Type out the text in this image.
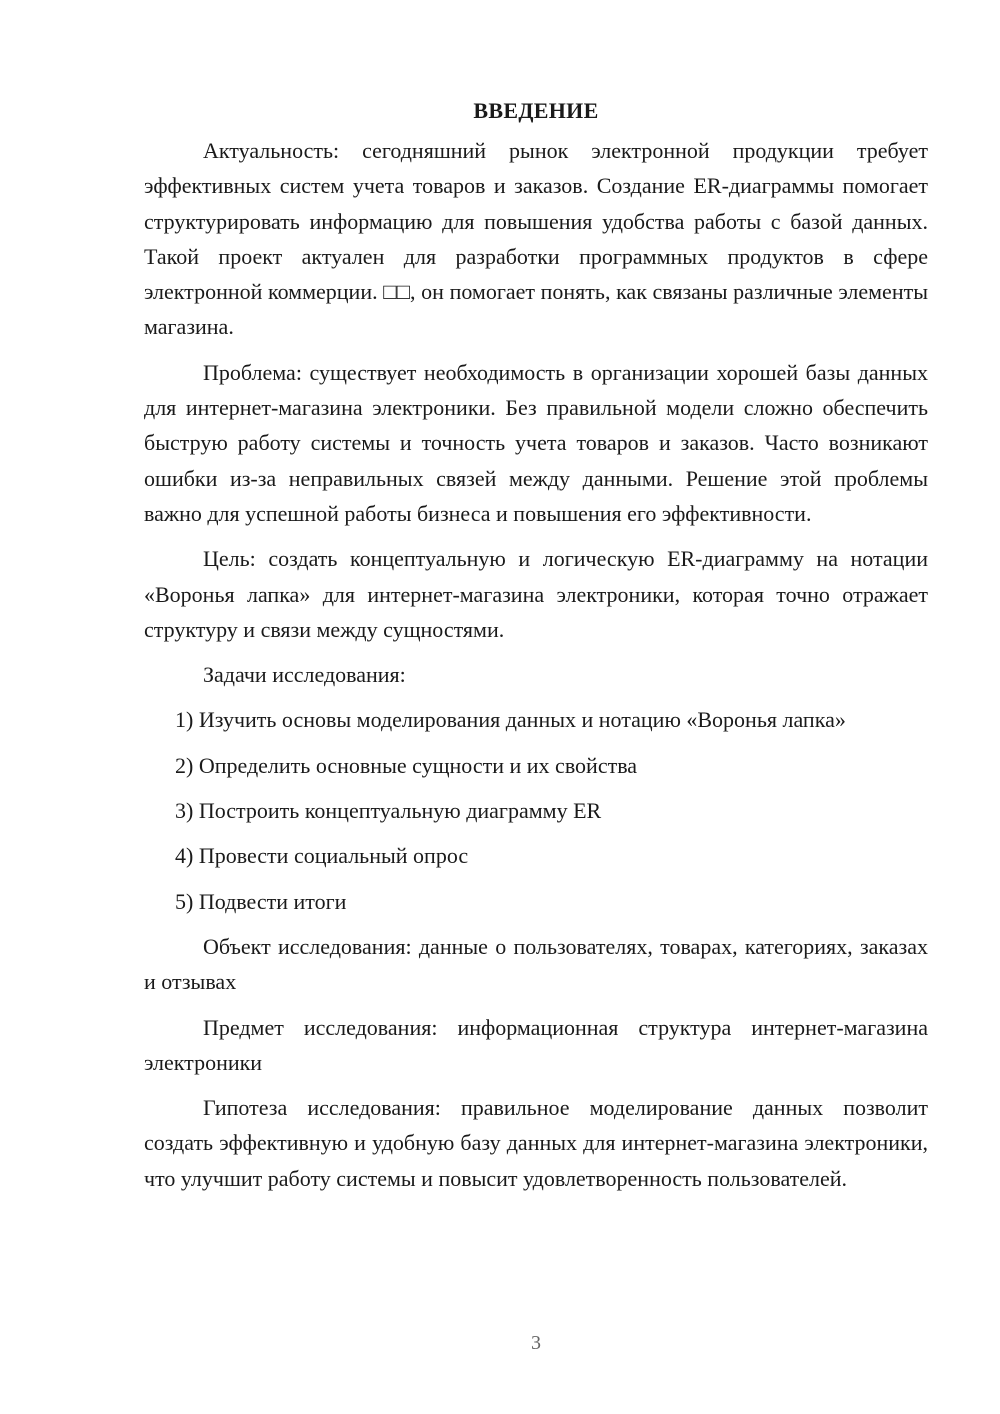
ВВЕДЕНИЕ

Актуальность: сегодняшний рынок электронной продукции требует эффективных систем учета товаров и заказов. Создание ER-диаграммы помогает структурировать информацию для повышения удобства работы с базой данных. Такой проект актуален для разработки программных продуктов в сфере электронной коммерции. □□, он помогает понять, как связаны различные элементы магазина.

Проблема: существует необходимость в организации хорошей базы данных для интернет-магазина электроники. Без правильной модели сложно обеспечить быструю работу системы и точность учета товаров и заказов. Часто возникают ошибки из-за неправильных связей между данными. Решение этой проблемы важно для успешной работы бизнеса и повышения его эффективности.

Цель: создать концептуальную и логическую ER-диаграмму на нотации «Воронья лапка» для интернет-магазина электроники, которая точно отражает структуру и связи между сущностями.

Задачи исследования:

1) Изучить основы моделирования данных и нотацию «Воронья лапка»
2) Определить основные сущности и их свойства
3) Построить концептуальную диаграмму ER
4) Провести социальный опрос
5) Подвести итоги

Объект исследования: данные о пользователях, товарах, категориях, заказах и отзывах

Предмет исследования: информационная структура интернет-магазина электроники

Гипотеза исследования: правильное моделирование данных позволит создать эффективную и удобную базу данных для интернет-магазина электроники, что улучшит работу системы и повысит удовлетворенность пользователей.

3
